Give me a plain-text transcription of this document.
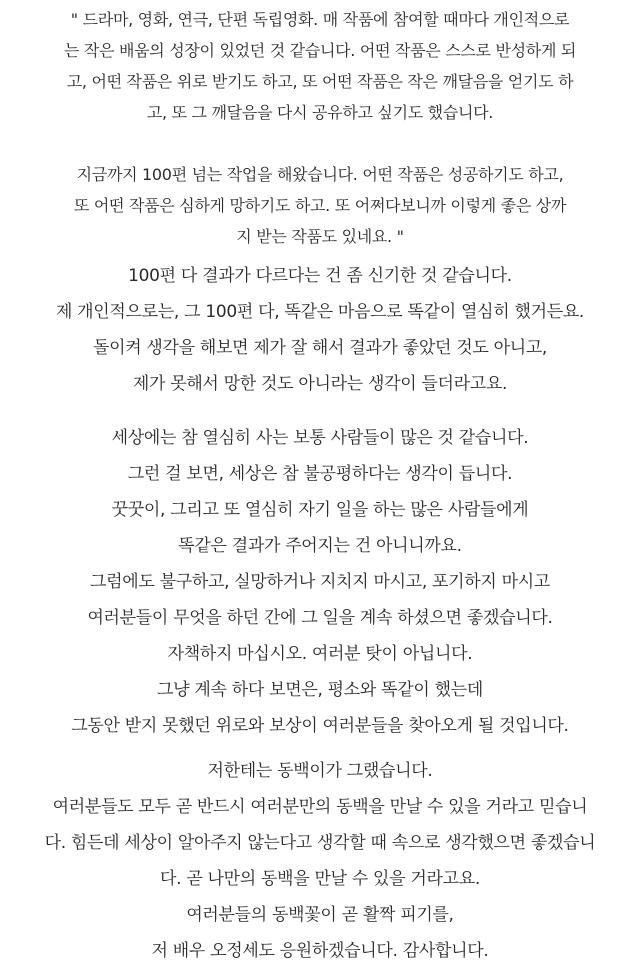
" 드라마, 영화, 연극, 단편 독립영화. 매 작품에 참여할 때마다 개인적으로
는 작은 배움의 성장이 있었던 것 같습니다. 어떤 작품은 스스로 반성하게 되
고, 어떤 작품은 위로 받기도 하고, 또 어떤 작품은 작은 깨달음을 얻기도 하
고, 또 그 깨달음을 다시 공유하고 싶기도 했습니다.
지금까지 100편 넘는 작업을 해왔습니다. 어떤 작품은 성공하기도 하고,
또 어떤 작품은 심하게 망하기도 하고. 또 어쩌다보니까 이렇게 좋은 상까
지 받는 작품도 있네요. "
100편 다 결과가 다르다는 건 좀 신기한 것 같습니다.
제 개인적으로는, 그 100편 다, 똑같은 마음으로 똑같이 열심히 했거든요.
돌이켜 생각을 해보면 제가 잘 해서 결과가 좋았던 것도 아니고,
제가 못해서 망한 것도 아니라는 생각이 들더라고요.
세상에는 참 열심히 사는 보통 사람들이 많은 것 같습니다.
그런 걸 보면, 세상은 참 불공평하다는 생각이 듭니다.
꿋꿋이, 그리고 또 열심히 자기 일을 하는 많은 사람들에게
똑같은 결과가 주어지는 건 아니니까요.
그럼에도 불구하고, 실망하거나 지치지 마시고, 포기하지 마시고
여러분들이 무엇을 하던 간에 그 일을 계속 하셨으면 좋겠습니다.
자책하지 마십시오. 여러분 탓이 아닙니다.
그냥 계속 하다 보면은, 평소와 똑같이 했는데
그동안 받지 못했던 위로와 보상이 여러분들을 찾아오게 될 것입니다.
저한테는 동백이가 그랬습니다.
여러분들도 모두 곧 반드시 여러분만의 동백을 만날 수 있을 거라고 믿습니
다. 힘든데 세상이 알아주지 않는다고 생각할 때 속으로 생각했으면 좋겠습니
다. 곧 나만의 동백을 만날 수 있을 거라고요.
여러분들의 동백꽃이 곧 활짝 피기를,
저 배우 오정세도 응원하겠습니다. 감사합니다.
